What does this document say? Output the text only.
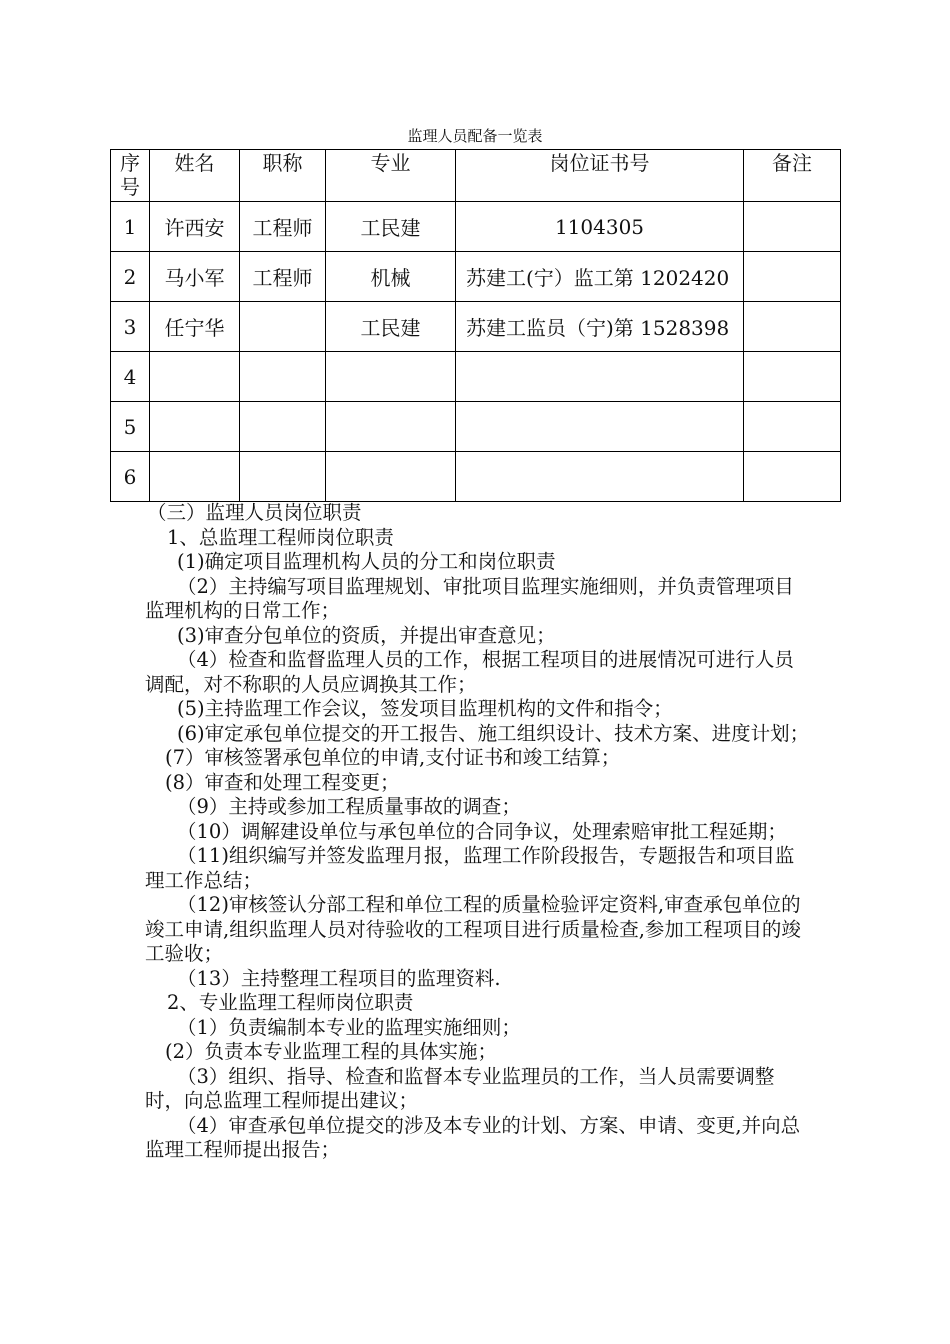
监理人员配备一览表
序号	姓名	职称	专业	岗位证书号	备注
1	许西安	工程师	工民建	1104305	
2	马小军	工程师	机械	苏建工(宁）监工第 1202420	
3	任宁华		工民建	苏建工监员（宁)第 1528398	
4					
5					
6					

（三）监理人员岗位职责

1、总监理工程师岗位职责

(1)确定项目监理机构人员的分工和岗位职责

（2）主持编写项目监理规划、审批项目监理实施细则，并负责管理项目监理机构的日常工作；

(3)审查分包单位的资质，并提出审查意见；

（4）检查和监督监理人员的工作，根据工程项目的进展情况可进行人员调配，对不称职的人员应调换其工作；

(5)主持监理工作会议，签发项目监理机构的文件和指令；

(6)审定承包单位提交的开工报告、施工组织设计、技术方案、进度计划；

(7）审核签署承包单位的申请,支付证书和竣工结算；

(8）审查和处理工程变更；

（9）主持或参加工程质量事故的调查；

（10）调解建设单位与承包单位的合同争议，处理索赔审批工程延期；

（11)组织编写并签发监理月报，监理工作阶段报告，专题报告和项目监理工作总结；

（12)审核签认分部工程和单位工程的质量检验评定资料,审查承包单位的竣工申请,组织监理人员对待验收的工程项目进行质量检查,参加工程项目的竣工验收；

（13）主持整理工程项目的监理资料.

2、专业监理工程师岗位职责

（1）负责编制本专业的监理实施细则；

(2）负责本专业监理工程的具体实施；

（3）组织、指导、检查和监督本专业监理员的工作，当人员需要调整时，向总监理工程师提出建议；

（4）审查承包单位提交的涉及本专业的计划、方案、申请、变更,并向总监理工程师提出报告；
